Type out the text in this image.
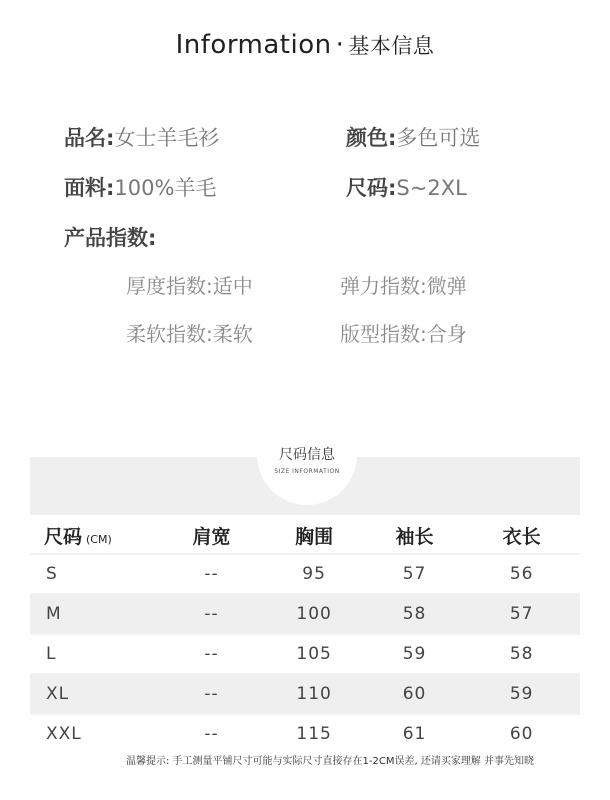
Information · 基本信息
品名:女士羊毛衫	颜色:多色可选
面料:100%羊毛	尺码:S~2XL
产品指数:
厚度指数:适中	弹力指数:微弹
柔软指数:柔软	版型指数:合身
尺码信息
SIZE INFORMATION
尺码 (CM)	肩宽	胸围	袖长	衣长
S	--	95	57	56
M	--	100	58	57
L	--	105	59	58
XL	--	110	60	59
XXL	--	115	61	60
温馨提示: 手工测量平铺尺寸可能与实际尺寸直接存在1-2CM误差, 还请买家理解 并事先知晓
